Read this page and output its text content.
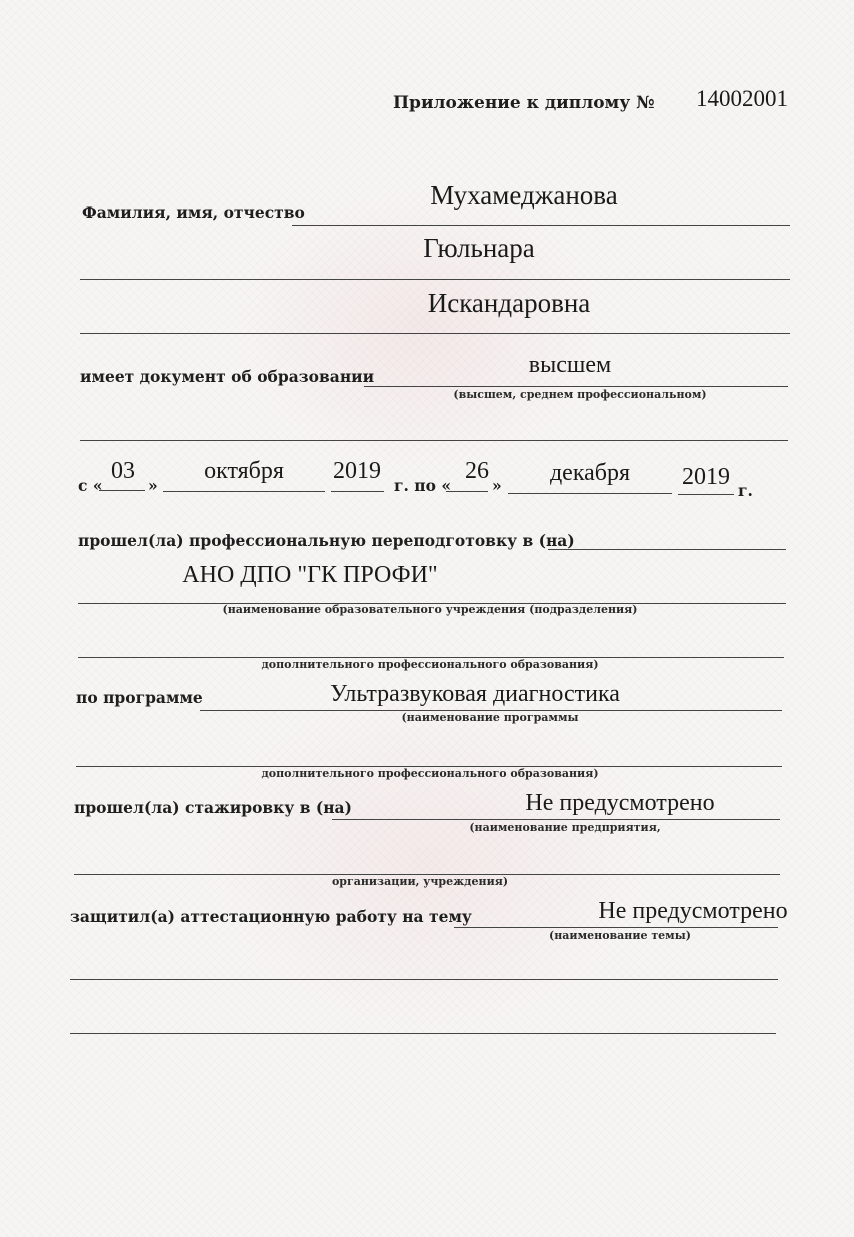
Приложение к диплому № 14002001
Фамилия, имя, отчество
Мухамеджанова
Гюльнара
Искандаровна
имеет документ об образовании	высшем
(высшем, среднем профессиональном)
с «
03
»
октября	2019
г. по «
26
»	декабря	2019
г.
прошел(ла) профессиональную переподготовку в (на)
АНО ДПО "ГК ПРОФИ"
(наименование образовательного учреждения (подразделения)
дополнительного профессионального образования)
по программе	Ультразвуковая диагностика
(наименование программы
дополнительного профессионального образования)
прошел(ла) стажировку в (на)	Не предусмотрено
(наименование предприятия,
организации, учреждения)
защитил(а) аттестационную работу на тему	Не предусмотрено
(наименование темы)
